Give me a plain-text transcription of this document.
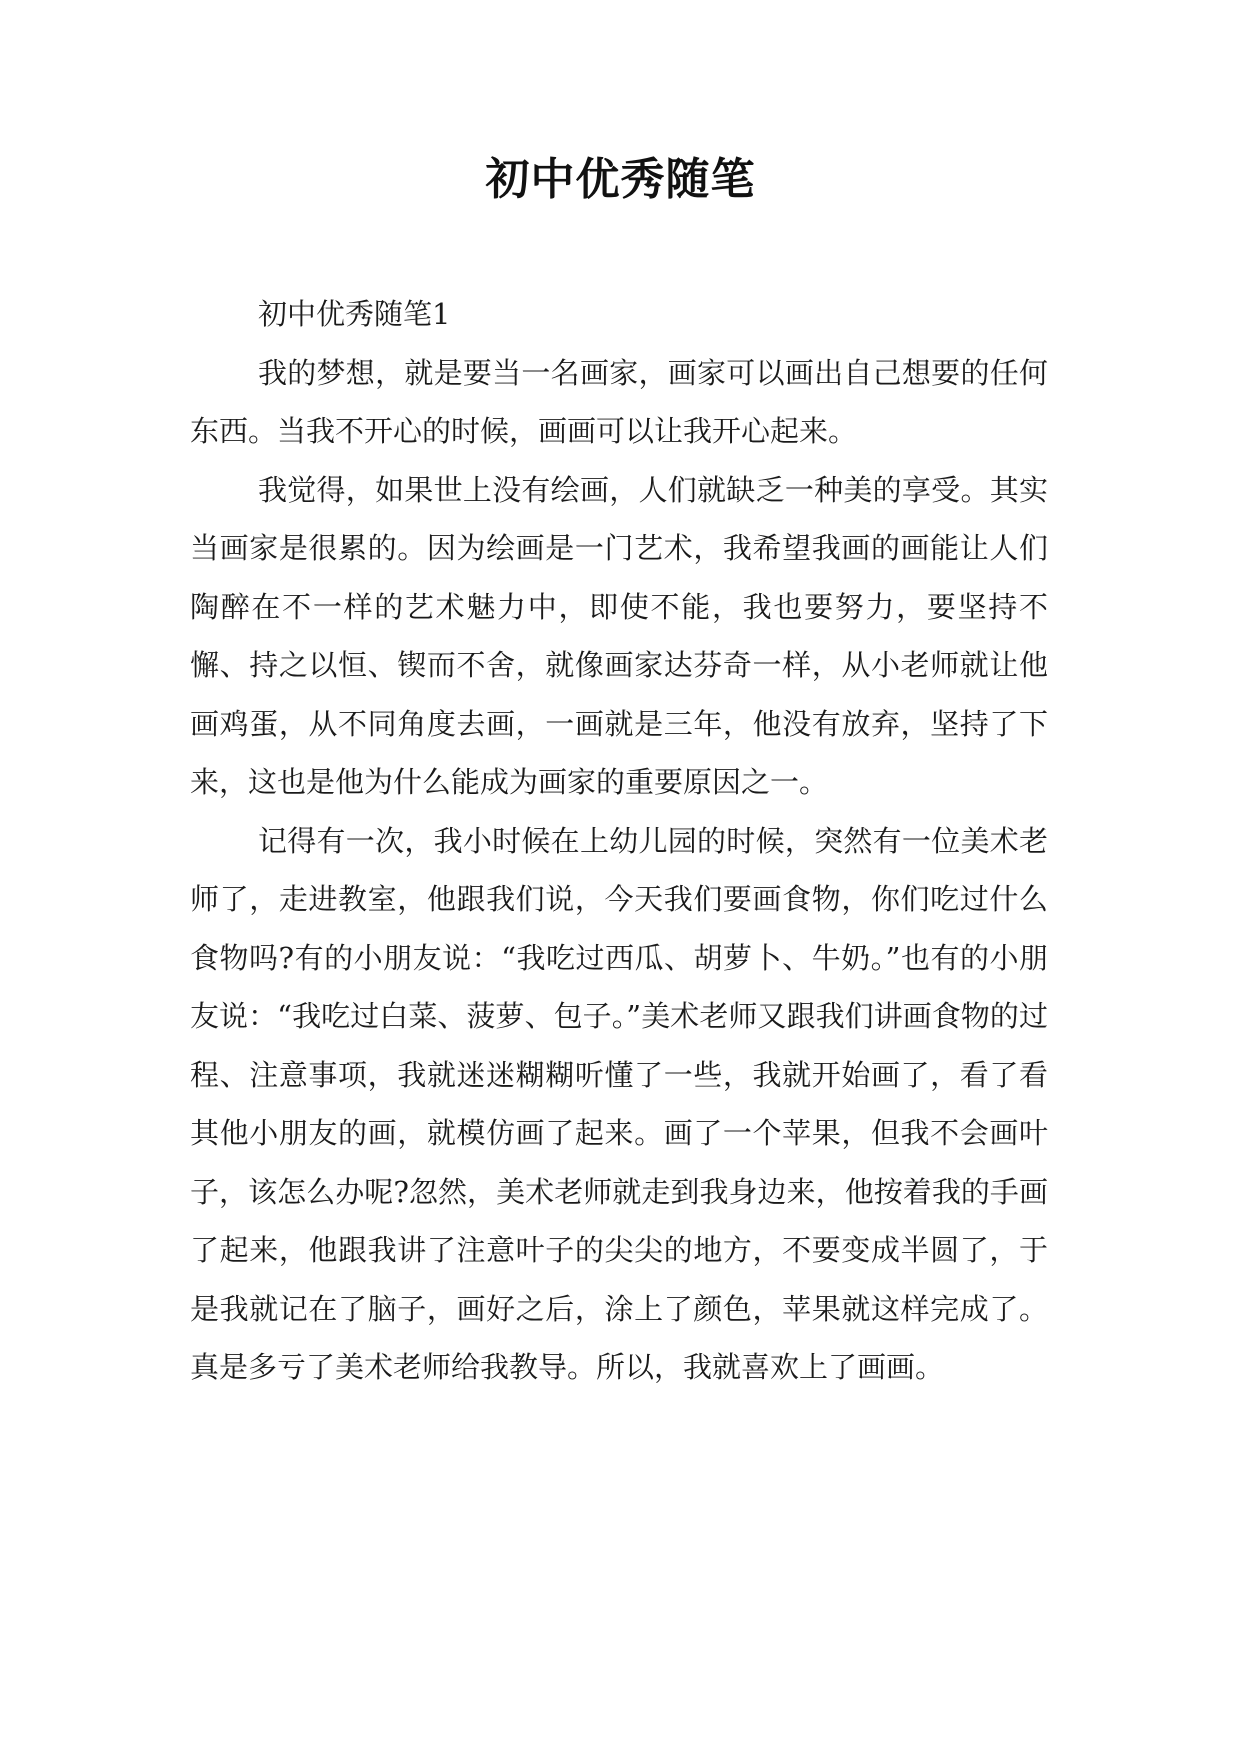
初中优秀随笔

初中优秀随笔1

我的梦想，就是要当一名画家，画家可以画出自己想要的任何东西。当我不开心的时候，画画可以让我开心起来。

我觉得，如果世上没有绘画，人们就缺乏一种美的享受。其实当画家是很累的。因为绘画是一门艺术，我希望我画的画能让人们陶醉在不一样的艺术魅力中，即使不能，我也要努力，要坚持不懈、持之以恒、锲而不舍，就像画家达芬奇一样，从小老师就让他画鸡蛋，从不同角度去画，一画就是三年，他没有放弃，坚持了下来，这也是他为什么能成为画家的重要原因之一。

记得有一次，我小时候在上幼儿园的时候，突然有一位美术老师了，走进教室，他跟我们说，今天我们要画食物，你们吃过什么食物吗?有的小朋友说：“我吃过西瓜、胡萝卜、牛奶。”也有的小朋友说：“我吃过白菜、菠萝、包子。”美术老师又跟我们讲画食物的过程、注意事项，我就迷迷糊糊听懂了一些，我就开始画了，看了看其他小朋友的画，就模仿画了起来。画了一个苹果，但我不会画叶子，该怎么办呢?忽然，美术老师就走到我身边来，他按着我的手画了起来，他跟我讲了注意叶子的尖尖的地方，不要变成半圆了，于是我就记在了脑子，画好之后，涂上了颜色，苹果就这样完成了。真是多亏了美术老师给我教导。所以，我就喜欢上了画画。
